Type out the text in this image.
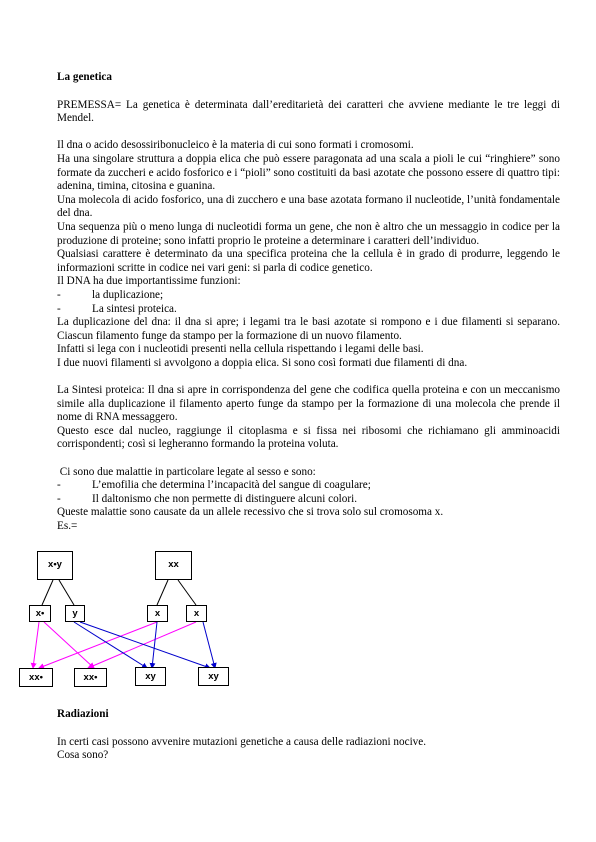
La genetica

PREMESSA= La genetica è determinata dall’ereditarietà dei caratteri che avviene mediante le tre leggi di Mendel.

Il dna o acido desossiribonucleico è la materia di cui sono formati i cromosomi.

Ha una singolare struttura a doppia elica che può essere paragonata ad una scala a pioli le cui “ringhiere” sono formate da zuccheri e acido fosforico e i “pioli” sono costituiti da basi azotate che possono essere di quattro tipi: adenina, timina, citosina e guanina.

Una molecola di acido fosforico, una di zucchero e una base azotata formano il nucleotide, l’unità fondamentale del dna.

Una sequenza più o meno lunga di nucleotidi forma un gene, che non è altro che un messaggio in codice per la produzione di proteine; sono infatti proprio le proteine a determinare i caratteri dell’individuo.

Qualsiasi carattere è determinato da una specifica proteina che la cellula è in grado di produrre, leggendo le informazioni scritte in codice nei vari geni: si parla di codice genetico.

Il DNA ha due importantissime funzioni:

-	la duplicazione;
-	La sintesi proteica.

La duplicazione del dna: il dna si apre; i legami tra le basi azotate si rompono e i due filamenti si separano. Ciascun filamento funge da stampo per la formazione di un nuovo filamento.

Infatti si lega con i nucleotidi presenti nella cellula rispettando i legami delle basi.

I due nuovi filamenti si avvolgono a doppia elica. Si sono così formati due filamenti di dna.

La Sintesi proteica: Il dna si apre in corrispondenza del gene che codifica quella proteina e con un meccanismo simile alla duplicazione il filamento aperto funge da stampo per la formazione di una molecola che prende il nome di RNA messaggero.

Questo esce dal nucleo, raggiunge il citoplasma e si fissa nei ribosomi che richiamano gli amminoacidi corrispondenti; così si legheranno formando la proteina voluta.

Ci sono due malattie in particolare legate al sesso e sono:

-	L’emofilia che determina l’incapacità del sangue di coagulare;
-	Il daltonismo che non permette di distinguere alcuni colori.

Queste malattie sono causate da un allele recessivo che si trova solo sul cromosoma x.

Es.=

x•y	xx
x•	y	x	x
xx•	xx•	xy	xy

Radiazioni

In certi casi possono avvenire mutazioni genetiche a causa delle radiazioni nocive.

Cosa sono?
